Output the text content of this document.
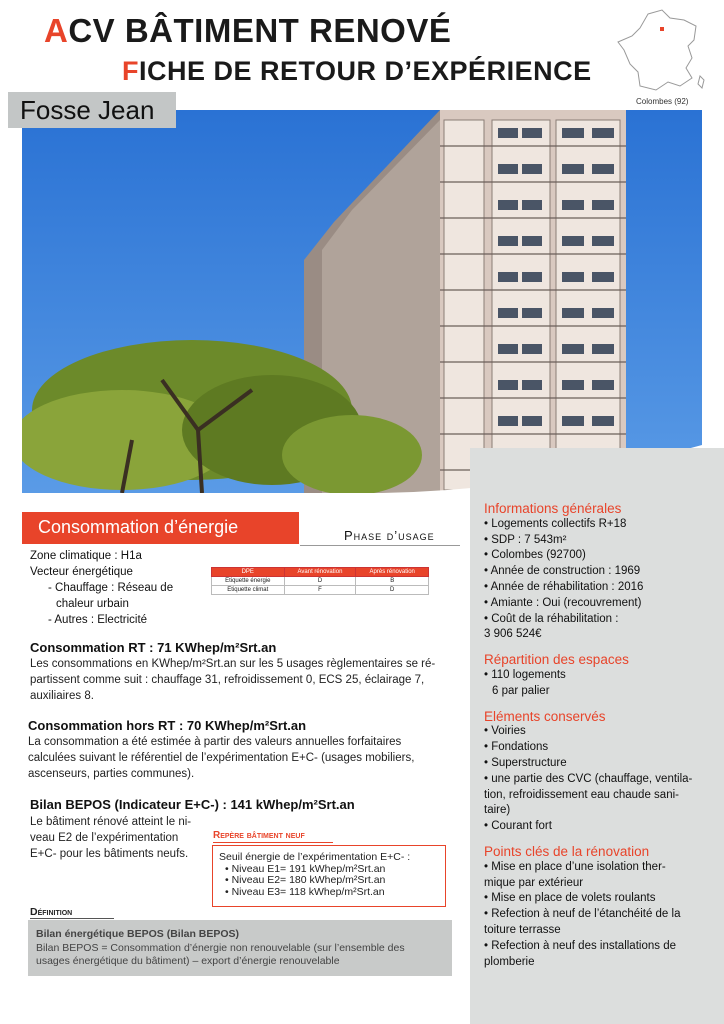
ACV BÂTIMENT RENOVÉ
FICHE DE RETOUR D’EXPÉRIENCE
Colombes (92)
Fosse Jean
Informations générales
• Logements collectifs R+18
• SDP : 7 543m²
• Colombes (92700)
• Année de construction : 1969
• Année de réhabilitation : 2016
• Amiante : Oui (recouvrement)
• Coût de la réhabilitation :
3 906 524€
Répartition des espaces
• 110 logements
6 par palier
Eléments conservés
• Voiries
• Fondations
• Superstructure
• une partie des CVC (chauffage, ventila-
tion, refroidissement eau chaude sani-
taire)
• Courant fort
Points clés de la rénovation
• Mise en place d’une isolation ther-
mique par extérieur
• Mise en place de volets roulants
• Refection à neuf de l’étanchéité de la
toiture terrasse
• Refection à neuf des installations de
plomberie
Consommation d’énergie	Phase d’usage
Zone climatique : H1a
Vecteur énergétique
- Chauffage : Réseau de
chaleur urbain
- Autres : Electricité
DPE	Avant rénovation	Après rénovation
Etiquette énergie	D	B
Etiquette climat	F	D
Consommation RT : 71 KWhep/m²Srt.an
Les consommations en KWhep/m²Srt.an sur les 5 usages règlementaires se ré-
partissent comme suit : chauffage 31, refroidissement 0, ECS 25, éclairage 7,
auxiliaires 8.
Consommation hors RT : 70 KWhep/m²Srt.an
La consommation a été estimée à partir des valeurs annuelles forfaitaires
calculées suivant le référentiel de l’expérimentation E+C- (usages mobiliers,
ascenseurs, parties communes).
Bilan BEPOS (Indicateur E+C-) : 141 kWhep/m²Srt.an
Le bâtiment rénové atteint le ni-
veau E2 de l’expérimentation
E+C- pour les bâtiments neufs.
Repère bâtiment neuf
Seuil énergie de l’expérimentation E+C- :
• Niveau E1= 191 kWhep/m²Srt.an
• Niveau E2= 180 kWhep/m²Srt.an
• Niveau E3= 118 kWhep/m²Srt.an
Définition
Bilan énergétique BEPOS (Bilan BEPOS)
Bilan BEPOS = Consommation d’énergie non renouvelable (sur l’ensemble des
usages énergétique du bâtiment) – export d’énergie renouvelable
